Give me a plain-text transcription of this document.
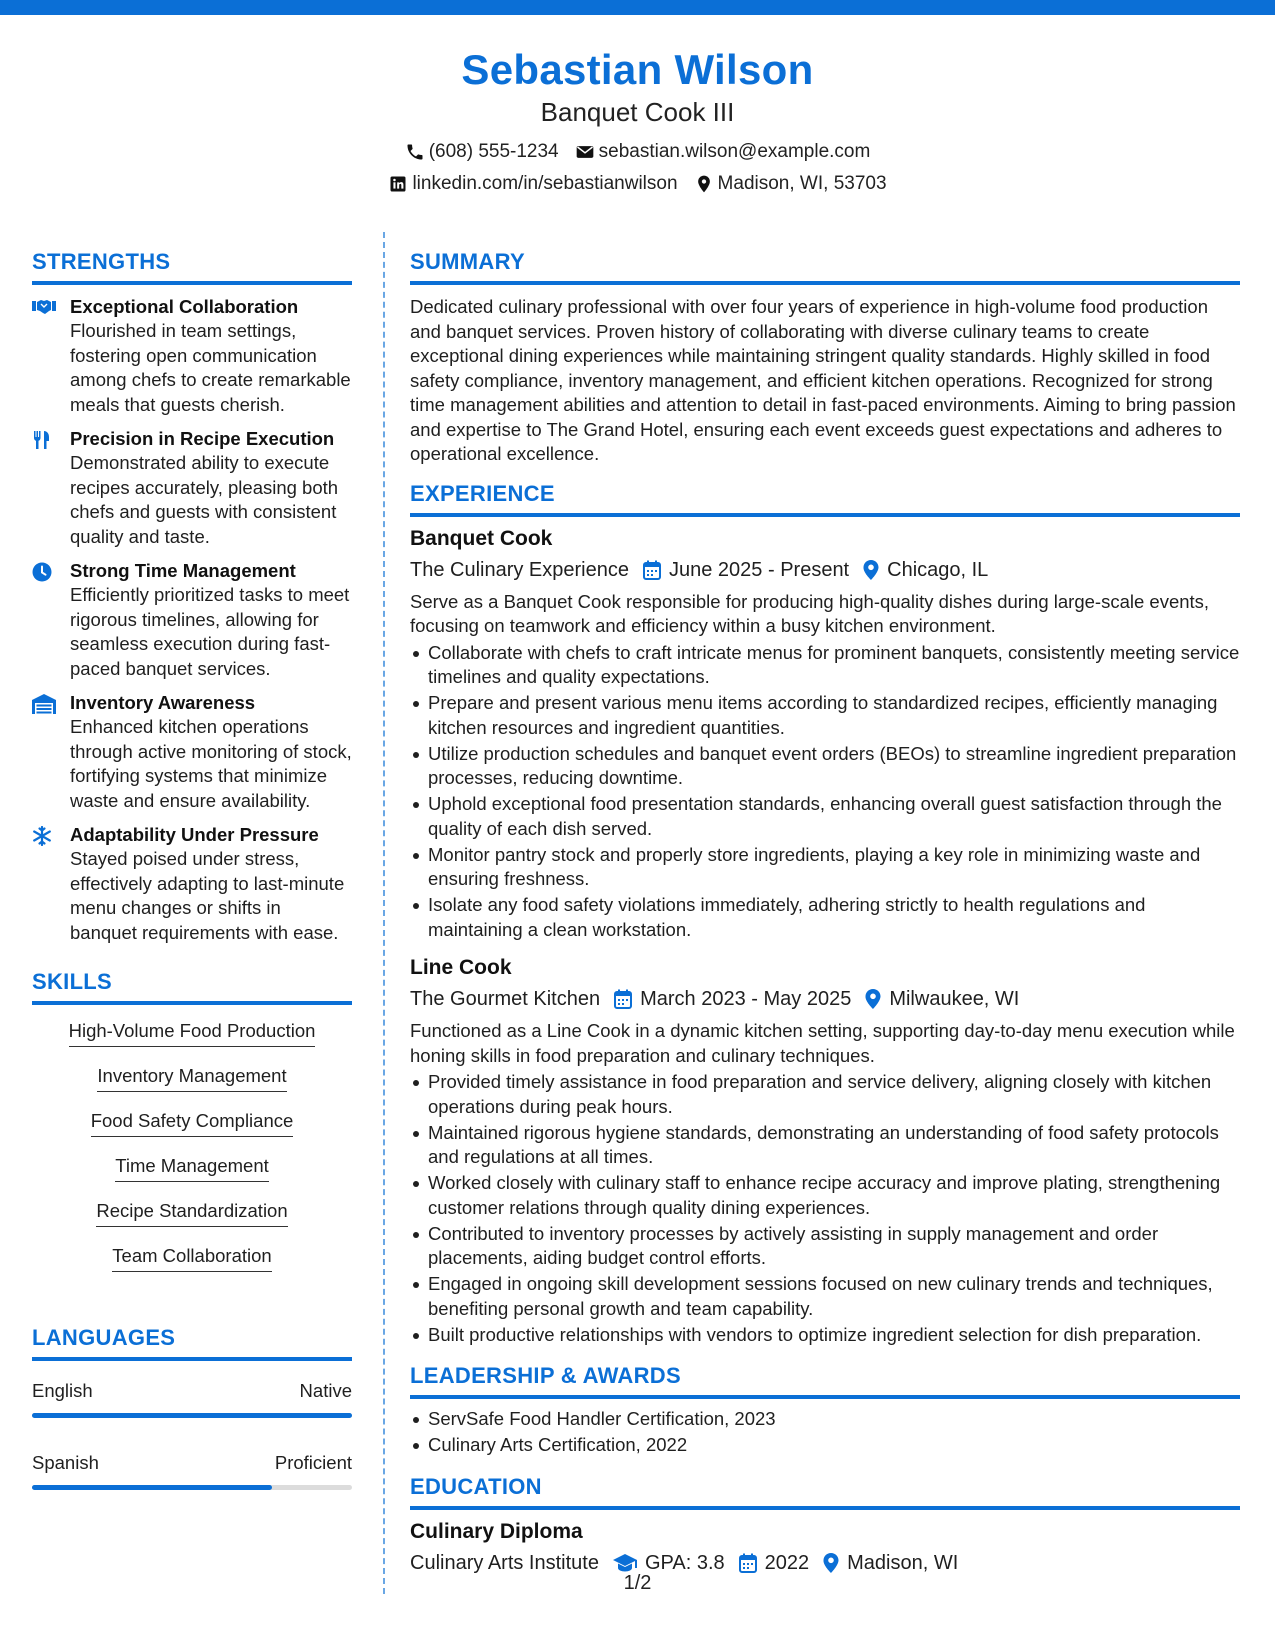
Sebastian Wilson
Banquet Cook III
(608) 555-1234 sebastian.wilson@example.com
linkedin.com/in/sebastianwilson Madison, WI, 53703
STRENGTHS
Exceptional Collaboration
Flourished in team settings, fostering open communication among chefs to create remarkable meals that guests cherish.
Precision in Recipe Execution
Demonstrated ability to execute recipes accurately, pleasing both chefs and guests with consistent quality and taste.
Strong Time Management
Efficiently prioritized tasks to meet rigorous timelines, allowing for seamless execution during fast-paced banquet services.
Inventory Awareness
Enhanced kitchen operations through active monitoring of stock, fortifying systems that minimize waste and ensure availability.
Adaptability Under Pressure
Stayed poised under stress, effectively adapting to last-minute menu changes or shifts in banquet requirements with ease.
SKILLS
High-Volume Food Production
Inventory Management
Food Safety Compliance
Time Management
Recipe Standardization
Team Collaboration
LANGUAGES
English	Native
Spanish	Proficient
SUMMARY
Dedicated culinary professional with over four years of experience in high-volume food production and banquet services. Proven history of collaborating with diverse culinary teams to create exceptional dining experiences while maintaining stringent quality standards. Highly skilled in food safety compliance, inventory management, and efficient kitchen operations. Recognized for strong time management abilities and attention to detail in fast-paced environments. Aiming to bring passion and expertise to The Grand Hotel, ensuring each event exceeds guest expectations and adheres to operational excellence.
EXPERIENCE
Banquet Cook
The Culinary Experience June 2025 - Present Chicago, IL
Serve as a Banquet Cook responsible for producing high-quality dishes during large-scale events, focusing on teamwork and efficiency within a busy kitchen environment.
Collaborate with chefs to craft intricate menus for prominent banquets, consistently meeting service timelines and quality expectations.
Prepare and present various menu items according to standardized recipes, efficiently managing kitchen resources and ingredient quantities.
Utilize production schedules and banquet event orders (BEOs) to streamline ingredient preparation processes, reducing downtime.
Uphold exceptional food presentation standards, enhancing overall guest satisfaction through the quality of each dish served.
Monitor pantry stock and properly store ingredients, playing a key role in minimizing waste and ensuring freshness.
Isolate any food safety violations immediately, adhering strictly to health regulations and maintaining a clean workstation.
Line Cook
The Gourmet Kitchen March 2023 - May 2025 Milwaukee, WI
Functioned as a Line Cook in a dynamic kitchen setting, supporting day-to-day menu execution while honing skills in food preparation and culinary techniques.
Provided timely assistance in food preparation and service delivery, aligning closely with kitchen operations during peak hours.
Maintained rigorous hygiene standards, demonstrating an understanding of food safety protocols and regulations at all times.
Worked closely with culinary staff to enhance recipe accuracy and improve plating, strengthening customer relations through quality dining experiences.
Contributed to inventory processes by actively assisting in supply management and order placements, aiding budget control efforts.
Engaged in ongoing skill development sessions focused on new culinary trends and techniques, benefiting personal growth and team capability.
Built productive relationships with vendors to optimize ingredient selection for dish preparation.
LEADERSHIP & AWARDS
ServSafe Food Handler Certification, 2023
Culinary Arts Certification, 2022
EDUCATION
Culinary Diploma
Culinary Arts Institute GPA: 3.8 2022 Madison, WI
1/2
